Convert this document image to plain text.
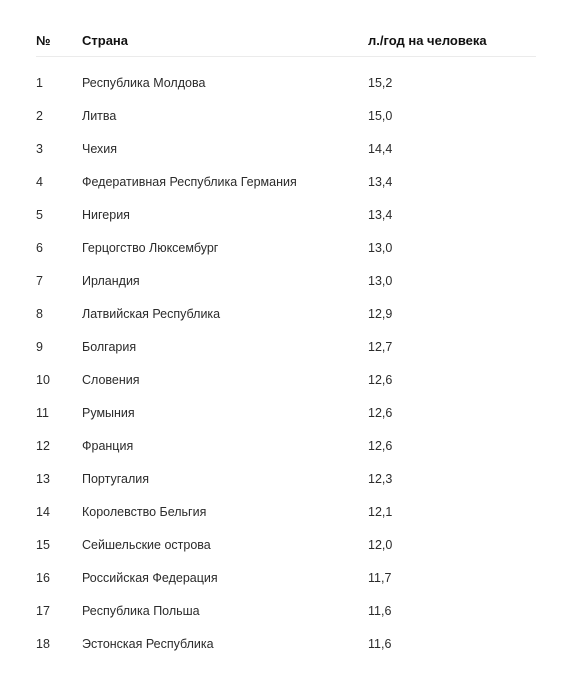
№	Страна	л./год на человека
1	Республика Молдова	15,2
2	Литва	15,0
3	Чехия	14,4
4	Федеративная Республика Германия	13,4
5	Нигерия	13,4
6	Герцогство Люксембург	13,0
7	Ирландия	13,0
8	Латвийская Республика	12,9
9	Болгария	12,7
10	Словения	12,6
11	Румыния	12,6
12	Франция	12,6
13	Португалия	12,3
14	Королевство Бельгия	12,1
15	Сейшельские острова	12,0
16	Российская Федерация	11,7
17	Республика Польша	11,6
18	Эстонская Республика	11,6
